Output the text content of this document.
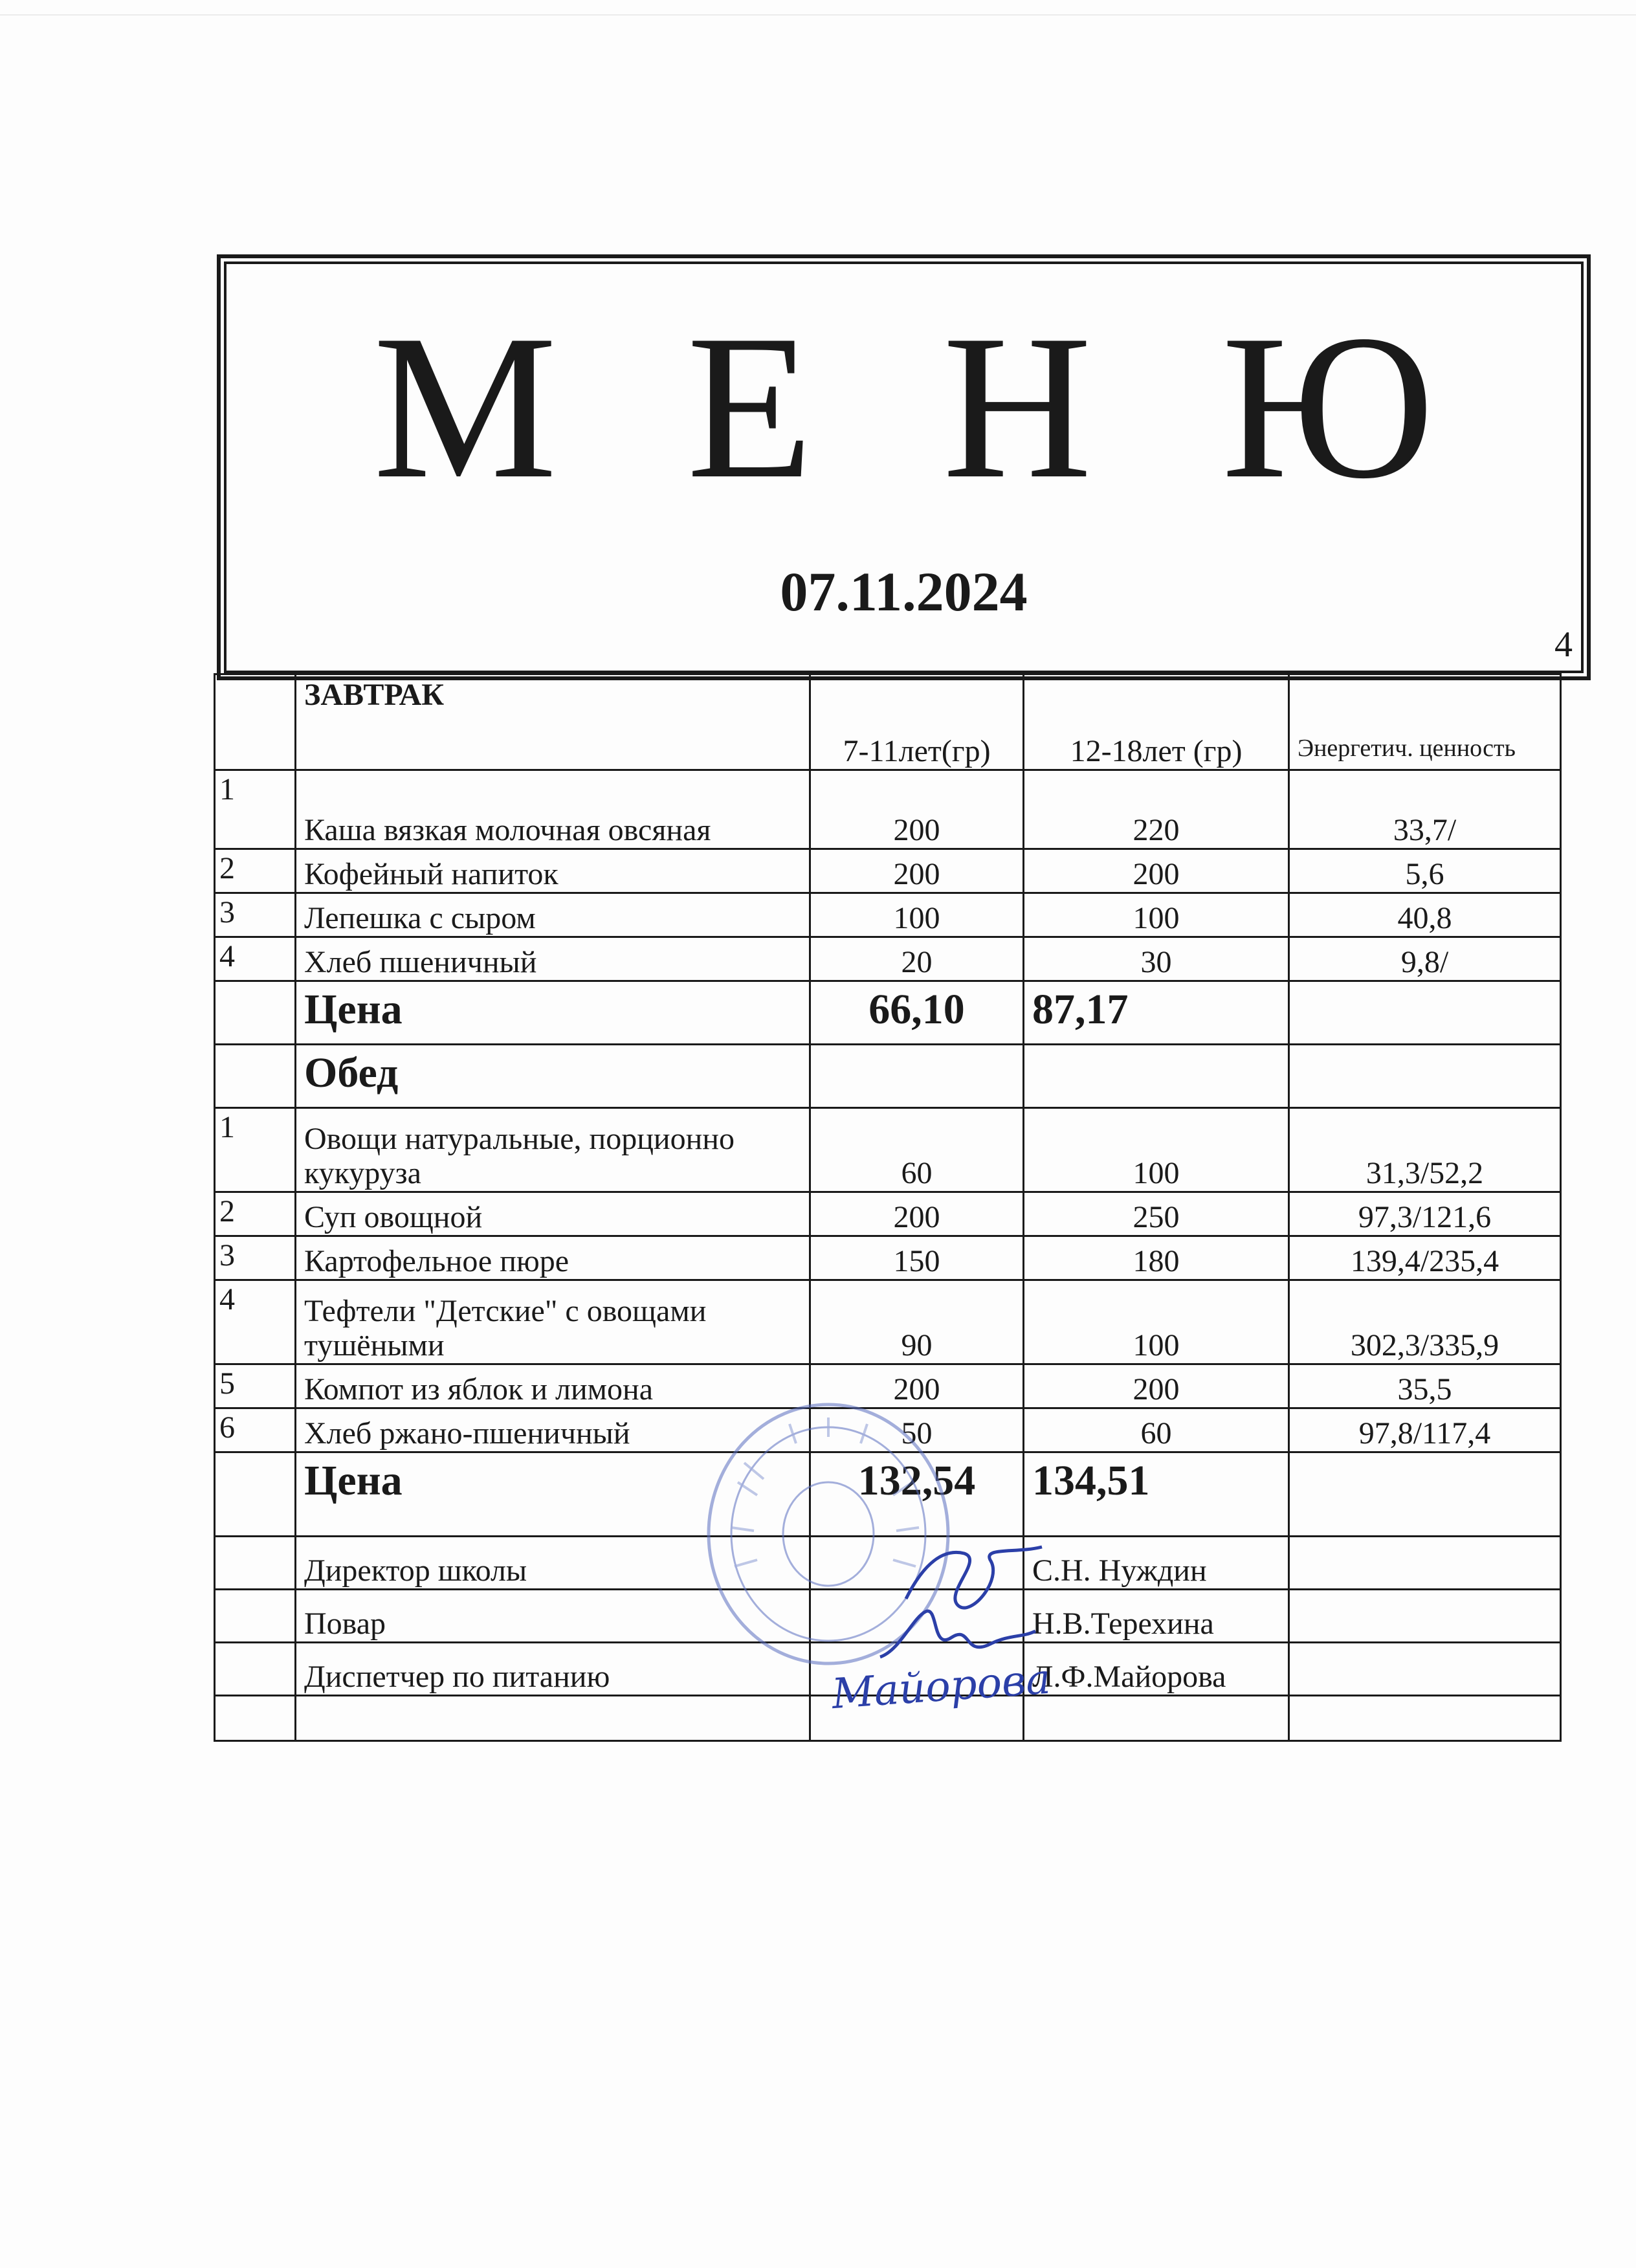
М Е Н Ю
07.11.2024
4
	ЗАВТРАК	7-11лет(гр)	12-18лет (гр)	Энергетич. ценность
1	Каша вязкая молочная овсяная	200	220	33,7/
2	Кофейный напиток	200	200	5,6
3	Лепешка с сыром	100	100	40,8
4	Хлеб пшеничный	20	30	9,8/
	Цена	66,10	87,17	
	Обед			
1	Овощи натуральные, порционно кукуруза	60	100	31,3/52,2
2	Суп овощной	200	250	97,3/121,6
3	Картофельное пюре	150	180	139,4/235,4
4	Тефтели "Детские" с овощами тушёными	90	100	302,3/335,9
5	Компот из яблок и лимона	200	200	35,5
6	Хлеб ржано-пшеничный	50	60	97,8/117,4
	Цена	132,54	134,51	
	Директор школы		С.Н. Нуждин	
	Повар		Н.В.Терехина	
	Диспетчер по питанию		Л.Ф.Майорова	

Майорова
